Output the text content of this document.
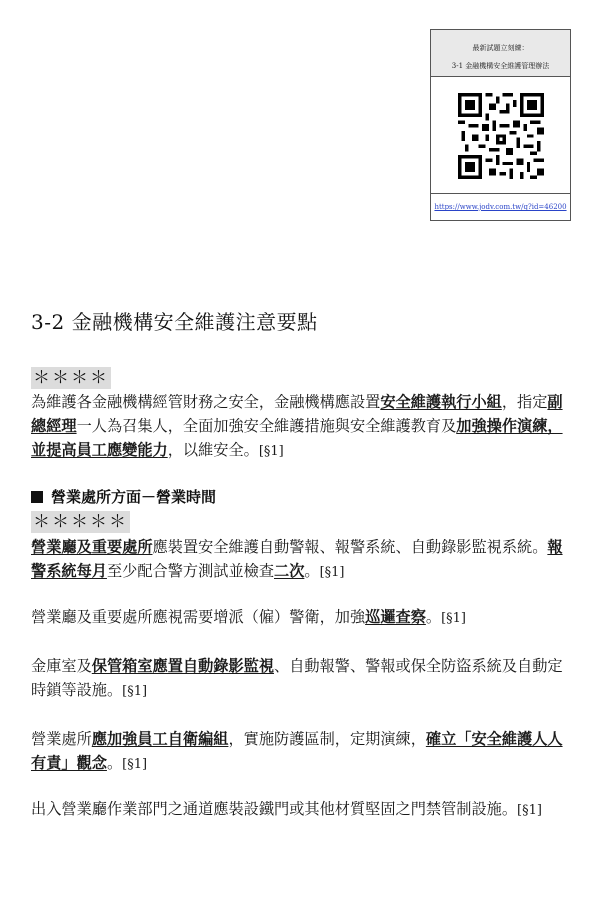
最新試題立刻練：
3-1 金融機構安全維護管理辦法
https://www.jodv.com.tw/q?id=46200
3-2 金融機構安全維護注意要點
＊＊＊＊
為維護各金融機構經管財務之安全，金融機構應設置安全維護執行小組，指定副總經理一人為召集人，全面加強安全維護措施與安全維護教育及加強操作演練，並提高員工應變能力，以維安全。[§1]
營業處所方面－營業時間
＊＊＊＊＊
營業廳及重要處所應裝置安全維護自動警報、報警系統、自動錄影監視系統。報警系統每月至少配合警方測試並檢查二次。[§1]
營業廳及重要處所應視需要增派（僱）警衛，加強巡邏查察。[§1]
金庫室及保管箱室應置自動錄影監視、自動報警、警報或保全防盜系統及自動定時鎖等設施。[§1]
營業處所應加強員工自衛編組，實施防護區制，定期演練，確立「安全維護人人有責」觀念。[§1]
出入營業廳作業部門之通道應裝設鐵門或其他材質堅固之門禁管制設施。[§1]
